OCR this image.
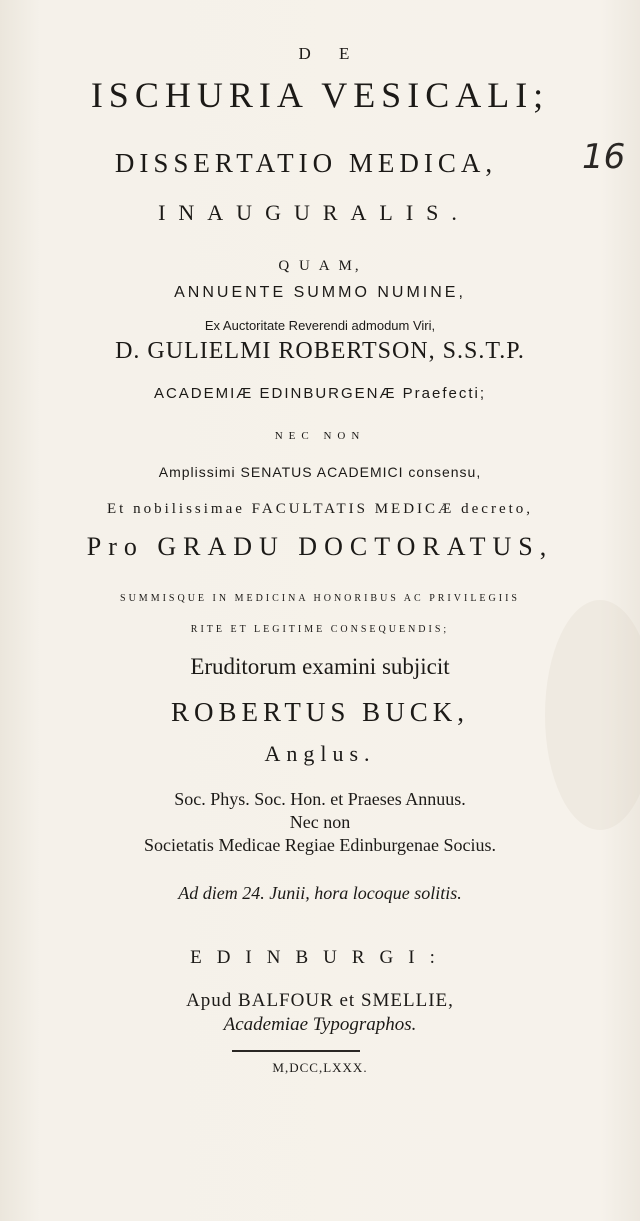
D E
ISCHURIA VESICALI;
DISSERTATIO MEDICA,	16
INAUGURALIS.
Q U A M,
ANNUENTE SUMMO NUMINE,
Ex Auctoritate Reverendi admodum Viri,
D. GULIELMI ROBERTSON, S.S.T.P.
ACADEMIÆ EDINBURGENÆ Praefecti;
NEC NON
Amplissimi SENATUS ACADEMICI consensu,
Et nobilissimae FACULTATIS MEDICÆ decreto,
Pro GRADU DOCTORATUS,
SUMMISQUE IN MEDICINA HONORIBUS AC PRIVILEGIIS
RITE ET LEGITIME CONSEQUENDIS;
Eruditorum examini subjicit
ROBERTUS BUCK,
Anglus.
Soc. Phys. Soc. Hon. et Praeses Annuus.
Nec non
Societatis Medicae Regiae Edinburgenae Socius.
Ad diem 24. Junii, hora locoque solitis.
EDINBURGI:
Apud BALFOUR et SMELLIE,
Academiae Typographos.
M,DCC,LXXX.
